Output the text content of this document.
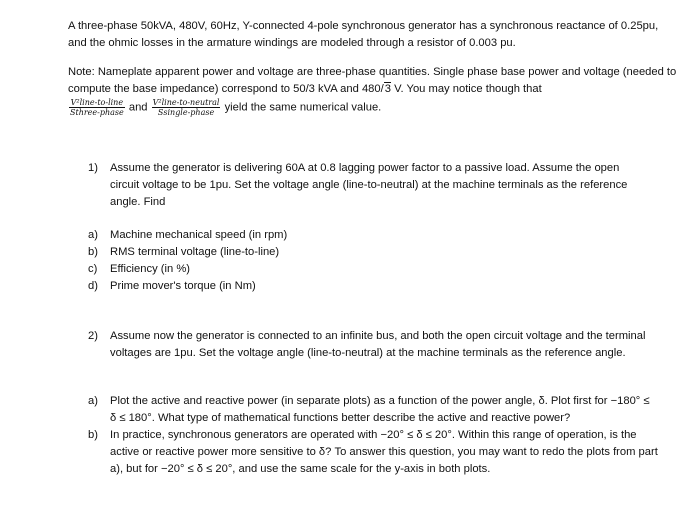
A three-phase 50kVA, 480V, 60Hz, Y-connected 4-pole synchronous generator has a synchronous reactance of 0.25pu, and the ohmic losses in the armature windings are modeled through a resistor of 0.003 pu.

Note: Nameplate apparent power and voltage are three-phase quantities. Single phase base power and voltage (needed to compute the base impedance) correspond to 50/3 kVA and 480/3 V. You may notice though that

$\frac{\text{V²line-to-line}}{\text{Sthree-phase}}$ and $\frac{\text{V²line-to-neutral}}{\text{Ssingle-phase}}$ yield the same numerical value.

1) Assume the generator is delivering 60A at 0.8 lagging power factor to a passive load. Assume the open circuit voltage to be 1pu. Set the voltage angle (line-to-neutral) at the machine terminals as the reference angle. Find
a) Machine mechanical speed (in rpm)
b) RMS terminal voltage (line-to-line)
c) Efficiency (in %)
d) Prime mover's torque (in Nm)
2) Assume now the generator is connected to an infinite bus, and both the open circuit voltage and the terminal voltages are 1pu. Set the voltage angle (line-to-neutral) at the machine terminals as the reference angle.
a) Plot the active and reactive power (in separate plots) as a function of the power angle, δ. Plot first for −180° ≤ δ ≤ 180°. What type of mathematical functions better describe the active and reactive power?
b) In practice, synchronous generators are operated with −20° ≤ δ ≤ 20°. Within this range of operation, is the active or reactive power more sensitive to δ? To answer this question, you may want to redo the plots from part a), but for −20° ≤ δ ≤ 20°, and use the same scale for the y-axis in both plots.
